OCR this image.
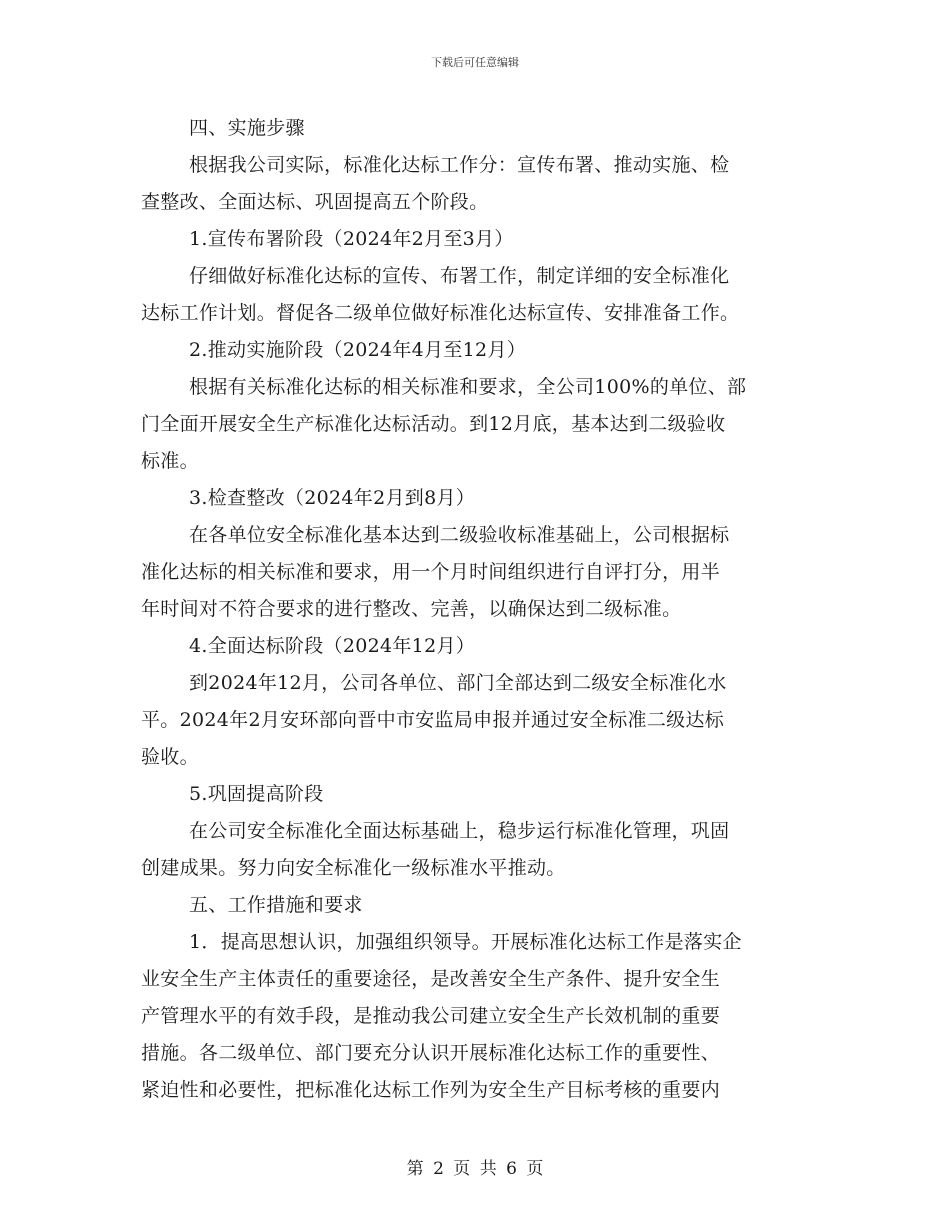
下载后可任意编辑
四、实施步骤
根据我公司实际，标准化达标工作分：宣传布署、推动实施、检
查整改、全面达标、巩固提高五个阶段。
1.宣传布署阶段（2024年2月至3月）
仔细做好标准化达标的宣传、布署工作，制定详细的安全标准化
达标工作计划。督促各二级单位做好标准化达标宣传、安排准备工作。
2.推动实施阶段（2024年4月至12月）
根据有关标准化达标的相关标准和要求，全公司100%的单位、部
门全面开展安全生产标准化达标活动。到12月底，基本达到二级验收
标准。
3.检查整改（2024年2月到8月）
在各单位安全标准化基本达到二级验收标准基础上，公司根据标
准化达标的相关标准和要求，用一个月时间组织进行自评打分，用半
年时间对不符合要求的进行整改、完善，以确保达到二级标准。
4.全面达标阶段（2024年12月）
到2024年12月，公司各单位、部门全部达到二级安全标准化水
平。2024年2月安环部向晋中市安监局申报并通过安全标准二级达标
验收。
5.巩固提高阶段
在公司安全标准化全面达标基础上，稳步运行标准化管理，巩固
创建成果。努力向安全标准化一级标准水平推动。
五、工作措施和要求
1．提高思想认识，加强组织领导。开展标准化达标工作是落实企
业安全生产主体责任的重要途径，是改善安全生产条件、提升安全生
产管理水平的有效手段，是推动我公司建立安全生产长效机制的重要
措施。各二级单位、部门要充分认识开展标准化达标工作的重要性、
紧迫性和必要性，把标准化达标工作列为安全生产目标考核的重要内
第 2 页 共 6 页
